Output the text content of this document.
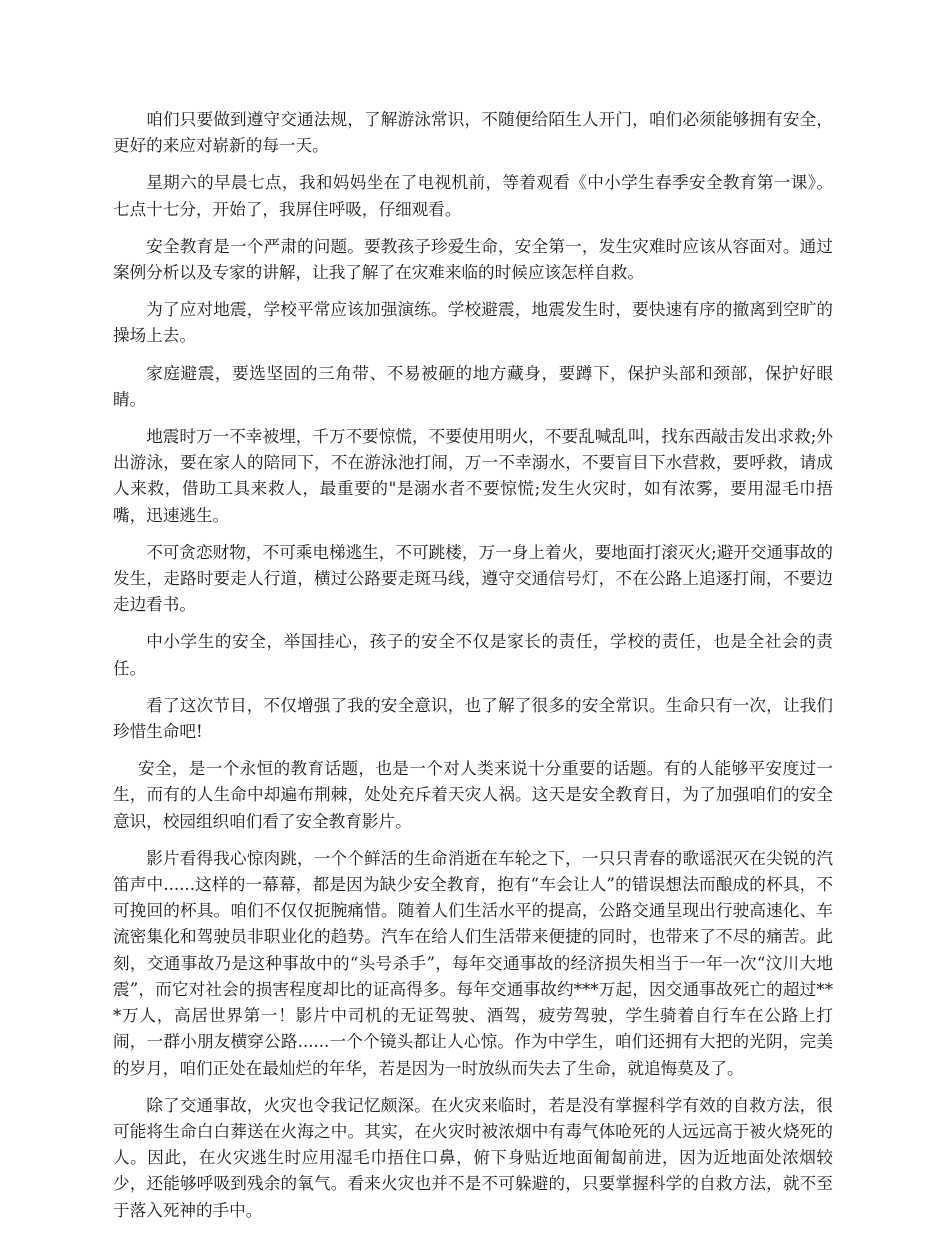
咱们只要做到遵守交通法规，了解游泳常识，不随便给陌生人开门，咱们必须能够拥有安全，更好的来应对崭新的每一天。

星期六的早晨七点，我和妈妈坐在了电视机前，等着观看《中小学生春季安全教育第一课》。七点十七分，开始了，我屏住呼吸，仔细观看。

安全教育是一个严肃的问题。要教孩子珍爱生命，安全第一，发生灾难时应该从容面对。通过案例分析以及专家的讲解，让我了解了在灾难来临的时候应该怎样自救。

为了应对地震，学校平常应该加强演练。学校避震，地震发生时，要快速有序的撤离到空旷的操场上去。

家庭避震，要选坚固的三角带、不易被砸的地方藏身，要蹲下，保护头部和颈部，保护好眼睛。

地震时万一不幸被埋，千万不要惊慌，不要使用明火，不要乱喊乱叫，找东西敲击发出求救;外出游泳，要在家人的陪同下，不在游泳池打闹，万一不幸溺水，不要盲目下水营救，要呼救，请成人来救，借助工具来救人，最重要的"是溺水者不要惊慌;发生火灾时，如有浓雾，要用湿毛巾捂嘴，迅速逃生。

不可贪恋财物，不可乘电梯逃生，不可跳楼，万一身上着火，要地面打滚灭火;避开交通事故的发生，走路时要走人行道，横过公路要走斑马线，遵守交通信号灯，不在公路上追逐打闹，不要边走边看书。

中小学生的安全，举国挂心，孩子的安全不仅是家长的责任，学校的责任，也是全社会的责任。

看了这次节目，不仅增强了我的安全意识，也了解了很多的安全常识。生命只有一次，让我们珍惜生命吧!

安全，是一个永恒的教育话题，也是一个对人类来说十分重要的话题。有的人能够平安度过一生，而有的人生命中却遍布荆棘，处处充斥着天灾人祸。这天是安全教育日，为了加强咱们的安全意识，校园组织咱们看了安全教育影片。

影片看得我心惊肉跳，一个个鲜活的生命消逝在车轮之下，一只只青春的歌谣泯灭在尖锐的汽笛声中......这样的一幕幕，都是因为缺少安全教育，抱有“车会让人”的错误想法而酿成的杯具，不可挽回的杯具。咱们不仅仅扼腕痛惜。随着人们生活水平的提高，公路交通呈现出行驶高速化、车流密集化和驾驶员非职业化的趋势。汽车在给人们生活带来便捷的同时，也带来了不尽的痛苦。此刻，交通事故乃是这种事故中的“头号杀手”，每年交通事故的经济损失相当于一年一次“汶川大地震”，而它对社会的损害程度却比的证高得多。每年交通事故约***万起，因交通事故死亡的超过***万人，高居世界第一！影片中司机的无证驾驶、酒驾，疲劳驾驶，学生骑着自行车在公路上打闹，一群小朋友横穿公路......一个个镜头都让人心惊。作为中学生，咱们还拥有大把的光阴，完美的岁月，咱们正处在最灿烂的年华，若是因为一时放纵而失去了生命，就追悔莫及了。

除了交通事故，火灾也令我记忆颇深。在火灾来临时，若是没有掌握科学有效的自救方法，很可能将生命白白葬送在火海之中。其实，在火灾时被浓烟中有毒气体呛死的人远远高于被火烧死的人。因此，在火灾逃生时应用湿毛巾捂住口鼻，俯下身贴近地面匍匐前进，因为近地面处浓烟较少，还能够呼吸到残余的氧气。看来火灾也并不是不可躲避的，只要掌握科学的自救方法，就不至于落入死神的手中。
